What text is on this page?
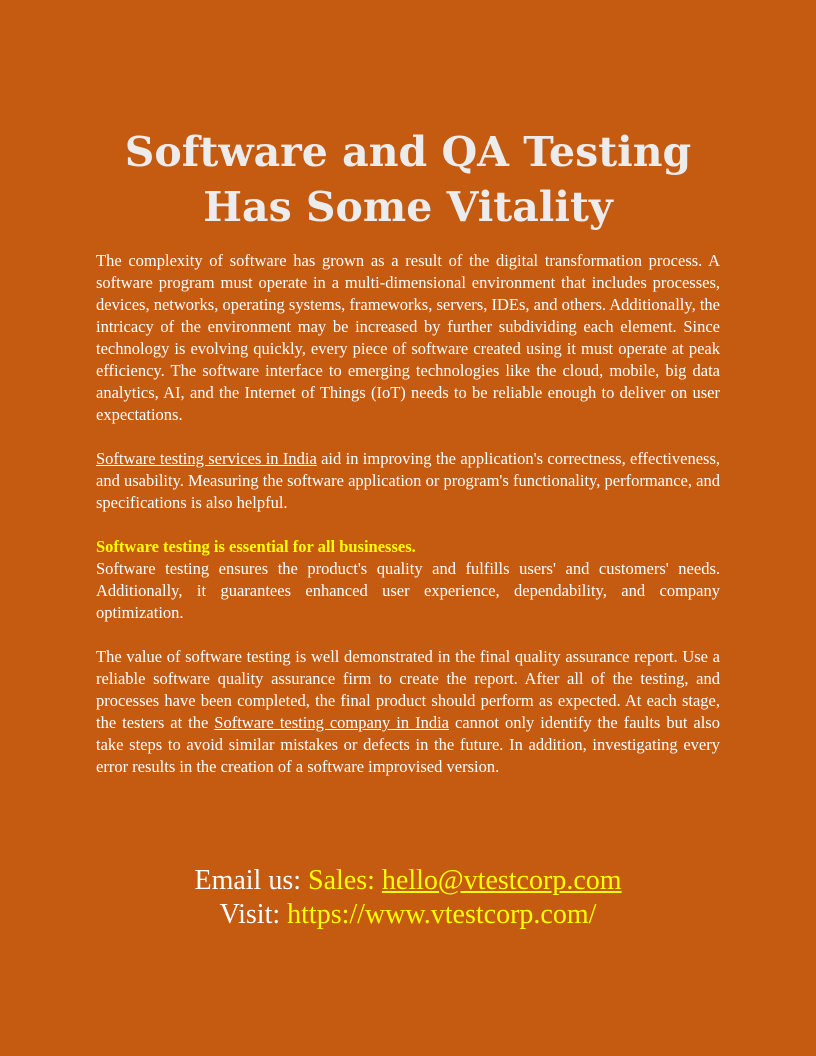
Software and QA Testing
Has Some Vitality

The complexity of software has grown as a result of the digital transformation process. A software program must operate in a multi-dimensional environment that includes processes, devices, networks, operating systems, frameworks, servers, IDEs, and others. Additionally, the intricacy of the environment may be increased by further subdividing each element. Since technology is evolving quickly, every piece of software created using it must operate at peak efficiency. The software interface to emerging technologies like the cloud, mobile, big data analytics, AI, and the Internet of Things (IoT) needs to be reliable enough to deliver on user expectations.

Software testing services in India aid in improving the application's correctness, effectiveness, and usability. Measuring the software application or program's functionality, performance, and specifications is also helpful.

Software testing is essential for all businesses.
Software testing ensures the product's quality and fulfills users' and customers' needs. Additionally, it guarantees enhanced user experience, dependability, and company optimization.

The value of software testing is well demonstrated in the final quality assurance report. Use a reliable software quality assurance firm to create the report. After all of the testing, and processes have been completed, the final product should perform as expected. At each stage, the testers at the Software testing company in India cannot only identify the faults but also take steps to avoid similar mistakes or defects in the future. In addition, investigating every error results in the creation of a software improvised version.

Email us: Sales: hello@vtestcorp.com
Visit: https://www.vtestcorp.com/
